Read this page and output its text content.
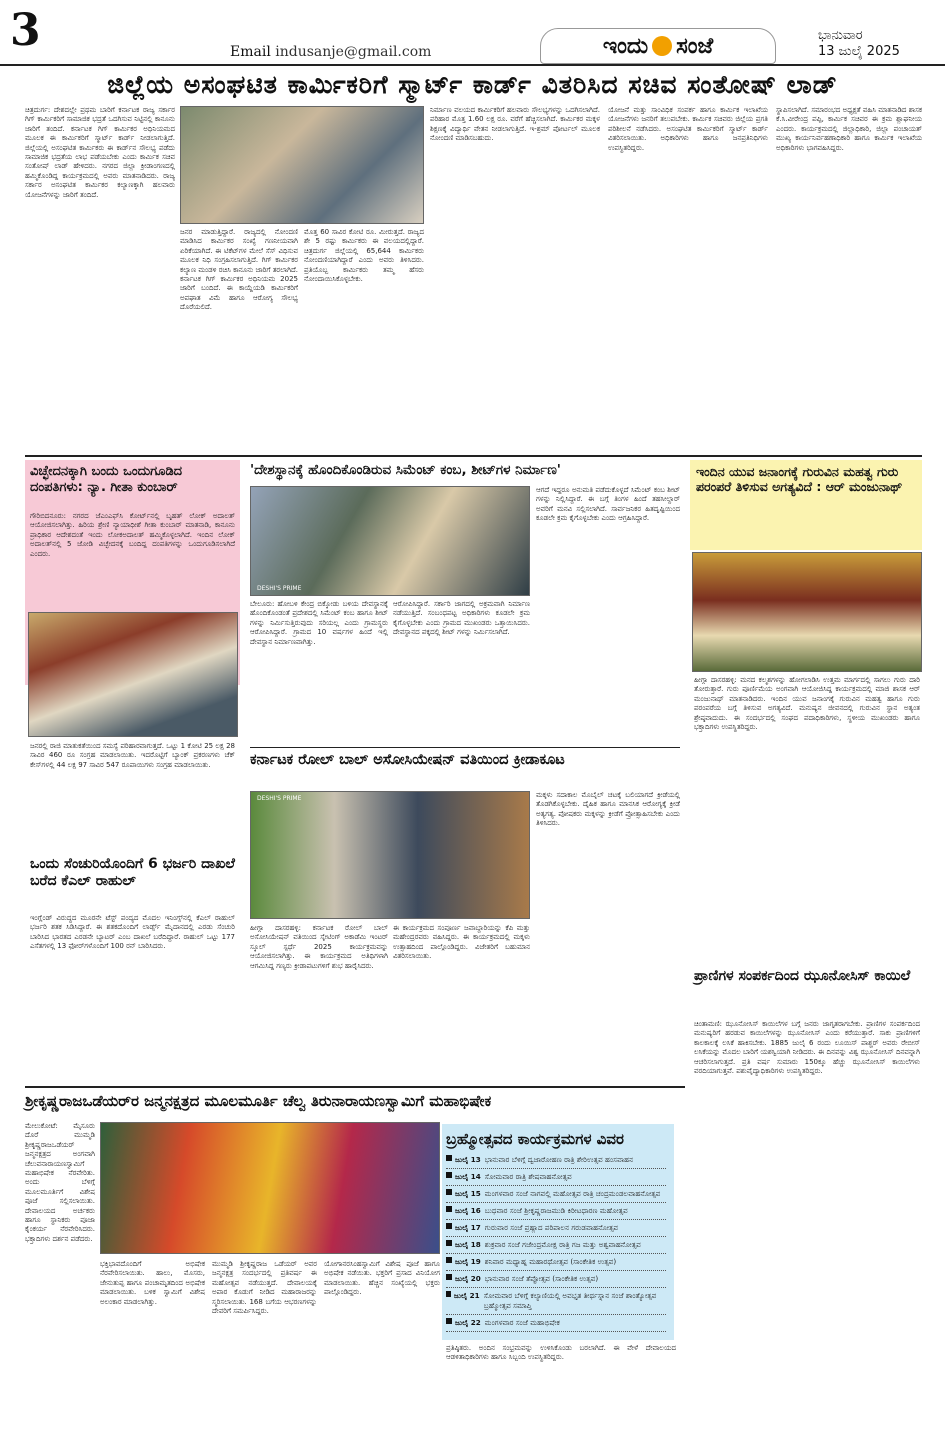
3	Email indusanje@gmail.com	ಇಂದು ಸಂಜೆ	ಭಾನುವಾರ
13 ಜುಲೈ 2025
ಜಿಲ್ಲೆಯ ಅಸಂಘಟಿತ ಕಾರ್ಮಿಕರಿಗೆ ಸ್ಮಾರ್ಟ್ ಕಾರ್ಡ್ ವಿತರಿಸಿದ ಸಚಿವ ಸಂತೋಷ್ ಲಾಡ್
ಚಿತ್ರದುರ್ಗ: ದೇಶದಲ್ಲೇ ಪ್ರಥಮ ಬಾರಿಗೆ ಕರ್ನಾಟಕ ರಾಜ್ಯ ಸರ್ಕಾರ ಗಿಗ್ ಕಾರ್ಮಿಕರಿಗೆ ಸಾಮಾಜಿಕ ಭದ್ರತೆ ಒದಗಿಸುವ ನಿಟ್ಟಿನಲ್ಲಿ ಕಾನೂನು ಜಾರಿಗೆ ತಂದಿದೆ. ಕರ್ನಾಟಕ ಗಿಗ್ ಕಾರ್ಮಿಕರ ಅಧಿನಿಯಮದ ಮೂಲಕ ಈ ಕಾರ್ಮಿಕರಿಗೆ ಸ್ಮಾರ್ಟ್ ಕಾರ್ಡ್ ನೀಡಲಾಗುತ್ತಿದೆ. ಜಿಲ್ಲೆಯಲ್ಲಿ ಅಸಂಘಟಿತ ಕಾರ್ಮಿಕರು ಈ ಕಾರ್ಡ್‌ನ ಸೌಲಭ್ಯ ಪಡೆದು ಸಾಮಾಜಿಕ ಭದ್ರತೆಯ ಲಾಭ ಪಡೆಯಬೇಕು ಎಂದು ಕಾರ್ಮಿಕ ಸಚಿವ ಸಂತೋಷ್ ಲಾಡ್ ಹೇಳಿದರು. ನಗರದ ಜಿಲ್ಲಾ ಕ್ರೀಡಾಂಗಣದಲ್ಲಿ ಹಮ್ಮಿಕೊಂಡಿದ್ದ ಕಾರ್ಯಕ್ರಮದಲ್ಲಿ ಅವರು ಮಾತನಾಡಿದರು. ರಾಜ್ಯ ಸರ್ಕಾರ ಅಸಂಘಟಿತ ಕಾರ್ಮಿಕರ ಕಲ್ಯಾಣಕ್ಕಾಗಿ ಹಲವಾರು ಯೋಜನೆಗಳನ್ನು ಜಾರಿಗೆ ತಂದಿದೆ.
ಜನರ ಮಾಡುತ್ತಿದ್ದಾರೆ. ರಾಜ್ಯದಲ್ಲಿ ನೋಂದಣಿ ಮಾಡಿಸಿದ ಕಾರ್ಮಿಕರ ಸಂಖ್ಯೆ ಗಣನೀಯವಾಗಿ ಏರಿಕೆಯಾಗಿದೆ. ಈ ಟಿಕೆಟ್‌ಗಳ ಮೇಲೆ ಸೆಸ್ ವಿಧಿಸುವ ಮೂಲಕ ನಿಧಿ ಸಂಗ್ರಹಿಸಲಾಗುತ್ತಿದೆ. ಗಿಗ್ ಕಾರ್ಮಿಕರ ಕಲ್ಯಾಣ ಮಂಡಳಿ ರಚಿಸಿ ಕಾನೂನು ಜಾರಿಗೆ ತರಲಾಗಿದೆ. ಕರ್ನಾಟಕ ಗಿಗ್ ಕಾರ್ಮಿಕರ ಅಧಿನಿಯಮ 2025 ಜಾರಿಗೆ ಬಂದಿದೆ. ಈ ಕಾಯ್ದೆಯಡಿ ಕಾರ್ಮಿಕರಿಗೆ ಅಪಘಾತ ವಿಮೆ ಹಾಗೂ ಆರೋಗ್ಯ ಸೌಲಭ್ಯ ದೊರೆಯಲಿದೆ.
ಮೊತ್ತ 60 ಸಾವಿರ ಕೋಟಿ ರೂ. ಮೀರುತ್ತದೆ. ರಾಜ್ಯದ ಶೇ 5 ರಷ್ಟು ಕಾರ್ಮಿಕರು ಈ ವಲಯದಲ್ಲಿದ್ದಾರೆ. ಚಿತ್ರದುರ್ಗ ಜಿಲ್ಲೆಯಲ್ಲಿ 65,644 ಕಾರ್ಮಿಕರು ನೋಂದಣಿಯಾಗಿದ್ದಾರೆ ಎಂದು ಅವರು ತಿಳಿಸಿದರು. ಪ್ರತಿಯೊಬ್ಬ ಕಾರ್ಮಿಕರು ತಮ್ಮ ಹೆಸರು ನೋಂದಾಯಿಸಿಕೊಳ್ಳಬೇಕು.
ನಿರ್ಮಾಣ ವಲಯದ ಕಾರ್ಮಿಕರಿಗೆ ಹಲವಾರು ಸೌಲಭ್ಯಗಳನ್ನು ಒದಗಿಸಲಾಗಿದೆ. ಪರಿಹಾರ ಮೊತ್ತ 1.60 ಲಕ್ಷ ರೂ. ವರೆಗೆ ಹೆಚ್ಚಿಸಲಾಗಿದೆ. ಕಾರ್ಮಿಕರ ಮಕ್ಕಳ ಶಿಕ್ಷಣಕ್ಕೆ ವಿದ್ಯಾರ್ಥಿ ವೇತನ ನೀಡಲಾಗುತ್ತಿದೆ. ಇ-ಶ್ರಮ್ ಪೋರ್ಟಲ್ ಮೂಲಕ ನೋಂದಣಿ ಮಾಡಿಸಬಹುದು.
ಯೋಜನೆ ಮತ್ತು ಸಾಂವಿಧಿಕ ಸಂಪರ್ಕ ಹಾಗೂ ಕಾರ್ಮಿಕ ಇಲಾಖೆಯ ಯೋಜನೆಗಳು ಜನರಿಗೆ ತಲುಪಬೇಕು. ಕಾರ್ಮಿಕ ಸಚಿವರು ಜಿಲ್ಲೆಯ ಪ್ರಗತಿ ಪರಿಶೀಲನೆ ನಡೆಸಿದರು. ಅಸಂಘಟಿತ ಕಾರ್ಮಿಕರಿಗೆ ಸ್ಮಾರ್ಟ್ ಕಾರ್ಡ್ ವಿತರಿಸಲಾಯಿತು. ಅಧಿಕಾರಿಗಳು ಹಾಗೂ ಜನಪ್ರತಿನಿಧಿಗಳು ಉಪಸ್ಥಿತರಿದ್ದರು.
ಸ್ಥಾಪಿಸಲಾಗಿದೆ. ಸಮಾರಂಭದ ಅಧ್ಯಕ್ಷತೆ ವಹಿಸಿ ಮಾತನಾಡಿದ ಶಾಸಕ ಕೆ.ಸಿ.ವೀರೇಂದ್ರ ಪಪ್ಪಿ, ಕಾರ್ಮಿಕ ಸಚಿವರ ಈ ಕ್ರಮ ಶ್ಲಾಘನೀಯ ಎಂದರು. ಕಾರ್ಯಕ್ರಮದಲ್ಲಿ ಜಿಲ್ಲಾಧಿಕಾರಿ, ಜಿಲ್ಲಾ ಪಂಚಾಯತ್ ಮುಖ್ಯ ಕಾರ್ಯನಿರ್ವಹಣಾಧಿಕಾರಿ ಹಾಗೂ ಕಾರ್ಮಿಕ ಇಲಾಖೆಯ ಅಧಿಕಾರಿಗಳು ಭಾಗವಹಿಸಿದ್ದರು.
ವಿಚ್ಛೇದನಕ್ಕಾಗಿ ಬಂದು ಒಂದುಗೂಡಿದ ದಂಪತಿಗಳು: ನ್ಯಾ. ಗೀತಾ ಕುಂಬಾರ್
ಗೌರಿಬಿದನೂರು: ನಗರದ ಜೆಎಂಎಫ್‌ಸಿ ಕೋರ್ಟ್‌ನಲ್ಲಿ ಬೃಹತ್ ಲೋಕ್ ಅದಾಲತ್ ಆಯೋಜಿಸಲಾಗಿತ್ತು. ಹಿರಿಯ ಶ್ರೇಣಿ ನ್ಯಾಯಾಧೀಶೆ ಗೀತಾ ಕುಂಬಾರ್ ಮಾತನಾಡಿ, ಕಾನೂನು ಪ್ರಾಧಿಕಾರ ಆದೇಶದಂತೆ ಇಂದು ಲೋಕಅದಾಲತ್ ಹಮ್ಮಿಕೊಳ್ಳಲಾಗಿದೆ. ಇಂದಿನ ಲೋಕ್ ಅದಾಲತ್‌ನಲ್ಲಿ 5 ಜೋಡಿ ವಿಚ್ಛೇದನಕ್ಕೆ ಬಂದಿದ್ದ ದಂಪತಿಗಳನ್ನು ಒಂದುಗೂಡಿಸಲಾಗಿದೆ ಎಂದರು.
ಜನರಲ್ಲಿ ರಾಜಿ ಮಾತುಕತೆಯಿಂದ ಸಮಸ್ಯೆ ಪರಿಹಾರವಾಗುತ್ತದೆ. ಒಟ್ಟು 1 ಕೋಟಿ 25 ಲಕ್ಷ 28 ಸಾವಿರ 460 ರೂ ಸಂಗ್ರಹ ಮಾಡಲಾಯಿತು. ಇದರೊಟ್ಟಿಗೆ ಬ್ಯಾಂಕ್ ಪ್ರಕರಣಗಳು ಚೆಕ್ ಕೇಸ್‌ಗಳಲ್ಲಿ 44 ಲಕ್ಷ 97 ಸಾವಿರ 547 ರೂಪಾಯಿಗಳು ಸಂಗ್ರಹ ಮಾಡಲಾಯಿತು.
ಒಂದು ಸೆಂಚುರಿಯೊಂದಿಗೆ 6 ಭರ್ಜರಿ ದಾಖಲೆ ಬರೆದ ಕೆಎಲ್ ರಾಹುಲ್
ಇಂಗ್ಲೆಂಡ್ ವಿರುದ್ಧದ ಮೂರನೇ ಟೆಸ್ಟ್ ಪಂದ್ಯದ ಮೊದಲ ಇನಿಂಗ್ಸ್‌ನಲ್ಲಿ ಕೆಎಲ್ ರಾಹುಲ್ ಭರ್ಜರಿ ಶತಕ ಸಿಡಿಸಿದ್ದಾರೆ. ಈ ಶತಕದೊಂದಿಗೆ ಲಾರ್ಡ್ಸ್ ಮೈದಾನದಲ್ಲಿ ಎರಡು ಸೆಂಚುರಿ ಬಾರಿಸಿದ ಭಾರತದ ಎರಡನೇ ಬ್ಯಾಟರ್ ಎಂಬ ದಾಖಲೆ ಬರೆದಿದ್ದಾರೆ. ರಾಹುಲ್ ಒಟ್ಟು 177 ಎಸೆತಗಳಲ್ಲಿ 13 ಫೋರ್‌ಗಳೊಂದಿಗೆ 100 ರನ್ ಬಾರಿಸಿದರು.
'ದೇಶಸ್ಥಾನಕ್ಕೆ ಹೊಂದಿಕೊಂಡಿರುವ ಸಿಮೆಂಟ್ ಕಂಬ, ಶೀಟ್‌ಗಳ ನಿರ್ಮಾಣ'
DESHI'S PRIME
ಆಗದೆ ಇದ್ದರೂ ಅನುಮತಿ ಪಡೆದುಕೊಳ್ಳದೆ ಸಿಮೆಂಟ್ ಕಂಬ ಶೀಟ್ ಗಳನ್ನು ನಿಲ್ಲಿಸಿದ್ದಾರೆ. ಈ ಬಗ್ಗೆ ತಿಂಗಳ ಹಿಂದೆ ತಹಸೀಲ್ದಾರ್ ಅವರಿಗೆ ಮನವಿ ಸಲ್ಲಿಸಲಾಗಿದೆ. ಸಾರ್ವಜನಿಕರ ಹಿತದೃಷ್ಟಿಯಿಂದ ಕೂಡಲೇ ಕ್ರಮ ಕೈಗೊಳ್ಳಬೇಕು ಎಂದು ಆಗ್ರಹಿಸಿದ್ದಾರೆ.
ಬೇಲೂರು: ಹೋಬಳಿ ಕೇಂದ್ರ ಬಿಕ್ಕೋಡು ಬಳಿಯ ದೇವಸ್ಥಾನಕ್ಕೆ ಹೊಂದಿಕೊಂಡಂತೆ ಪ್ರದೇಶದಲ್ಲಿ ಸಿಮೆಂಟ್ ಕಂಬ ಹಾಗೂ ಶೀಟ್ ಗಳನ್ನು ನಿರ್ಮಿಸುತ್ತಿರುವುದು ಸರಿಯಲ್ಲ ಎಂದು ಗ್ರಾಮಸ್ಥರು ಆರೋಪಿಸಿದ್ದಾರೆ. ಗ್ರಾಮದ 10 ವರ್ಷಗಳ ಹಿಂದೆ ಇಲ್ಲಿ ದೇವಸ್ಥಾನ ನಿರ್ಮಾಣವಾಗಿತ್ತು.
ಆರೋಪಿಸಿದ್ದಾರೆ. ಸರ್ಕಾರಿ ಜಾಗದಲ್ಲಿ ಅಕ್ರಮವಾಗಿ ನಿರ್ಮಾಣ ನಡೆಯುತ್ತಿದೆ. ಸಂಬಂಧಪಟ್ಟ ಅಧಿಕಾರಿಗಳು ಕೂಡಲೇ ಕ್ರಮ ಕೈಗೊಳ್ಳಬೇಕು ಎಂದು ಗ್ರಾಮದ ಮುಖಂಡರು ಒತ್ತಾಯಿಸಿದರು. ದೇವಸ್ಥಾನದ ಪಕ್ಕದಲ್ಲಿ ಶೀಟ್ ಗಳನ್ನು ನಿರ್ಮಿಸಲಾಗಿದೆ.
ಕರ್ನಾಟಕ ರೋಲ್ ಬಾಲ್ ಅಸೋಸಿಯೇಷನ್ ವತಿಯಿಂದ ಕ್ರೀಡಾಕೂಟ
DESHI'S PRIME	ಮಕ್ಕಳು ಸದಾಕಾಲ ಮೊಬೈಲ್ ಚಟಕ್ಕೆ ಬಲಿಯಾಗದೆ ಕ್ರೀಡೆಯಲ್ಲಿ ತೊಡಗಿಕೊಳ್ಳಬೇಕು. ದೈಹಿಕ ಹಾಗೂ ಮಾನಸಿಕ ಆರೋಗ್ಯಕ್ಕೆ ಕ್ರೀಡೆ ಅತ್ಯಗತ್ಯ. ಪೋಷಕರು ಮಕ್ಕಳನ್ನು ಕ್ರೀಡೆಗೆ ಪ್ರೋತ್ಸಾಹಿಸಬೇಕು ಎಂದು ತಿಳಿಸಿದರು.
ಹೀಗ್ಗಾ ದಾಸರಹಳ್ಳಿ: ಕರ್ನಾಟಕ ರೋಲ್ ಬಾಲ್ ಅಸೋಸಿಯೇಷನ್ ವತಿಯಿಂದ ಸ್ಕೇಟಿಂಗ್ ಅಕಾಡೆಮಿ ಇಂಟರ್ ಸ್ಕೂಲ್ ಸ್ಪರ್ಧೆ 2025 ಕಾರ್ಯಕ್ರಮವನ್ನು ಆಯೋಜಿಸಲಾಗಿತ್ತು. ಈ ಕಾರ್ಯಕ್ರಮದ ಅತಿಥಿಗಳಾಗಿ ಆಗಮಿಸಿದ್ದ ಗಣ್ಯರು ಕ್ರೀಡಾಪಟುಗಳಿಗೆ ಶುಭ ಹಾರೈಸಿದರು.
ಈ ಕಾರ್ಯಕ್ರಮದ ಸಂಪೂರ್ಣ ಜವಾಬ್ದಾರಿಯನ್ನು ಕೆಪಿ ಮತ್ತು ಮಹೇಂದ್ರರವರು ವಹಿಸಿದ್ದರು. ಈ ಕಾರ್ಯಕ್ರಮದಲ್ಲಿ ಮಕ್ಕಳು ಉತ್ಸಾಹದಿಂದ ಪಾಲ್ಗೊಂಡಿದ್ದರು. ವಿಜೇತರಿಗೆ ಬಹುಮಾನ ವಿತರಿಸಲಾಯಿತು.
ಇಂದಿನ ಯುವ ಜನಾಂಗಕ್ಕೆ ಗುರುವಿನ ಮಹತ್ವ ಗುರು ಪರಂಪರೆ ತಿಳಿಸುವ ಅಗತ್ಯವಿದೆ : ಆರ್ ಮಂಜುನಾಥ್
ಹೀಗ್ಗಾ ದಾಸರಹಳ್ಳಿ: ಮನದ ಕಲ್ಮಶಗಳನ್ನು ಹೋಗಲಾಡಿಸಿ ಉತ್ತಮ ಮಾರ್ಗದಲ್ಲಿ ಸಾಗಲು ಗುರು ದಾರಿ ತೋರುತ್ತಾರೆ. ಗುರು ಪೂರ್ಣಿಮೆಯ ಅಂಗವಾಗಿ ಆಯೋಜಿಸಿದ್ದ ಕಾರ್ಯಕ್ರಮದಲ್ಲಿ ಮಾಜಿ ಶಾಸಕ ಆರ್ ಮಂಜುನಾಥ್ ಮಾತನಾಡಿದರು. ಇಂದಿನ ಯುವ ಜನಾಂಗಕ್ಕೆ ಗುರುವಿನ ಮಹತ್ವ ಹಾಗೂ ಗುರು ಪರಂಪರೆಯ ಬಗ್ಗೆ ತಿಳಿಸುವ ಅಗತ್ಯವಿದೆ. ಮನುಷ್ಯನ ಜೀವನದಲ್ಲಿ ಗುರುವಿನ ಸ್ಥಾನ ಅತ್ಯಂತ ಶ್ರೇಷ್ಠವಾದುದು. ಈ ಸಂದರ್ಭದಲ್ಲಿ ಸಂಘದ ಪದಾಧಿಕಾರಿಗಳು, ಸ್ಥಳೀಯ ಮುಖಂಡರು ಹಾಗೂ ಭಕ್ತಾದಿಗಳು ಉಪಸ್ಥಿತರಿದ್ದರು.
ಪ್ರಾಣಿಗಳ ಸಂಪರ್ಕದಿಂದ ಝೂನೋಸಿಸ್ ಕಾಯಿಲೆ
ಚಿಂತಾಮಣಿ: ಝೂನೋಸಿಸ್ ಕಾಯಿಲೆಗಳ ಬಗ್ಗೆ ಜನರು ಜಾಗೃತರಾಗಬೇಕು. ಪ್ರಾಣಿಗಳ ಸಂಪರ್ಕದಿಂದ ಮನುಷ್ಯರಿಗೆ ಹರಡುವ ಕಾಯಿಲೆಗಳನ್ನು ಝೂನೋಸಿಸ್ ಎಂದು ಕರೆಯುತ್ತಾರೆ. ಸಾಕು ಪ್ರಾಣಿಗಳಿಗೆ ಕಾಲಕಾಲಕ್ಕೆ ಲಸಿಕೆ ಹಾಕಿಸಬೇಕು. 1885 ಜುಲೈ 6 ರಂದು ಲೂಯಿಸ್ ಪಾಶ್ಚರ್ ಅವರು ರೇಬೀಸ್ ಲಸಿಕೆಯನ್ನು ಮೊದಲ ಬಾರಿಗೆ ಯಶಸ್ವಿಯಾಗಿ ನೀಡಿದರು. ಈ ದಿನವನ್ನು ವಿಶ್ವ ಝೂನೋಸಿಸ್ ದಿನವನ್ನಾಗಿ ಆಚರಿಸಲಾಗುತ್ತದೆ. ಪ್ರತಿ ವರ್ಷ ಸುಮಾರು 150ಕ್ಕೂ ಹೆಚ್ಚು ಝೂನೋಸಿಸ್ ಕಾಯಿಲೆಗಳು ವರದಿಯಾಗುತ್ತವೆ. ಪಶುವೈದ್ಯಾಧಿಕಾರಿಗಳು ಉಪಸ್ಥಿತರಿದ್ದರು.
ಶ್ರೀಕೃಷ್ಣರಾಜಒಡೆಯರ್‌ರ ಜನ್ಮನಕ್ಷತ್ರದ ಮೂಲಮೂರ್ತಿ ಚೆಲ್ವ ತಿರುನಾರಾಯಣಸ್ವಾಮಿಗೆ ಮಹಾಭಿಷೇಕ
ಮೇಲುಕೋಟೆ: ಮೈಸೂರು ದೊರೆ ಮುಮ್ಮಡಿ ಶ್ರೀಕೃಷ್ಣರಾಜಒಡೆಯರ್ ಜನ್ಮನಕ್ಷತ್ರದ ಅಂಗವಾಗಿ ಚೆಲುವನಾರಾಯಣಸ್ವಾಮಿಗೆ ಮಹಾಭಿಷೇಕ ನೆರವೇರಿತು. ಅಂದು ಬೆಳಿಗ್ಗೆ ಮೂಲಮೂರ್ತಿಗೆ ವಿಶೇಷ ಪೂಜೆ ಸಲ್ಲಿಸಲಾಯಿತು. ದೇವಾಲಯದ ಅರ್ಚಕರು ಹಾಗೂ ಸ್ಥಾನಿಕರು ಪೂಜಾ ಕೈಂಕರ್ಯ ನೆರವೇರಿಸಿದರು. ಭಕ್ತಾದಿಗಳು ದರ್ಶನ ಪಡೆದರು.
ಭಕ್ತಿಭಾವದೊಂದಿಗೆ ಅಭಿಷೇಕ ನೆರವೇರಿಸಲಾಯಿತು. ಹಾಲು, ಮೊಸರು, ಜೇನುತುಪ್ಪ ಹಾಗೂ ಪಂಚಾಮೃತದಿಂದ ಅಭಿಷೇಕ ಮಾಡಲಾಯಿತು. ಬಳಿಕ ಸ್ವಾಮಿಗೆ ವಿಶೇಷ ಅಲಂಕಾರ ಮಾಡಲಾಗಿತ್ತು.
ಮುಮ್ಮಡಿ ಶ್ರೀಕೃಷ್ಣರಾಜ ಒಡೆಯರ್ ಅವರ ಜನ್ಮನಕ್ಷತ್ರ ಸಂದರ್ಭದಲ್ಲಿ ಪ್ರತಿವರ್ಷ ಈ ಮಹೋತ್ಸವ ನಡೆಯುತ್ತದೆ. ದೇವಾಲಯಕ್ಕೆ ಅಪಾರ ಕೊಡುಗೆ ನೀಡಿದ ಮಹಾರಾಜರನ್ನು ಸ್ಮರಿಸಲಾಯಿತು. 168 ಬಗೆಯ ಆಭರಣಗಳನ್ನು ದೇವರಿಗೆ ಸಮರ್ಪಿಸಿದ್ದರು.
ಯೋಗಾನರಸಿಂಹಸ್ವಾಮಿಗೆ ವಿಶೇಷ ಪೂಜೆ ಹಾಗೂ ಅಭಿಷೇಕ ನಡೆಯಿತು. ಭಕ್ತರಿಗೆ ಪ್ರಸಾದ ವಿನಿಯೋಗ ಮಾಡಲಾಯಿತು. ಹೆಚ್ಚಿನ ಸಂಖ್ಯೆಯಲ್ಲಿ ಭಕ್ತರು ಪಾಲ್ಗೊಂಡಿದ್ದರು.
ಬ್ರಹ್ಮೋತ್ಸವದ ಕಾರ್ಯಕ್ರಮಗಳ ವಿವರ
ಜುಲೈ 13 ಭಾನುವಾರ ಬೆಳಿಗ್ಗೆ ದ್ವಜಾರೋಹಣ ರಾತ್ರಿ ಶೇರಿಉತ್ಸವ ಹಂಸವಾಹನ
ಜುಲೈ 14 ಸೋಮವಾರ ರಾತ್ರಿ ಶೇಷವಾಹನೋತ್ಸವ
ಜುಲೈ 15 ಮಂಗಳವಾರ ಸಂಜೆ ನಾಗವಲ್ಲಿ ಮಹೋತ್ಸವ ರಾತ್ರಿ ಚಂದ್ರಮಂಡಲವಾಹನೋತ್ಸವ
ಜುಲೈ 16 ಬುಧವಾರ ಸಂಜೆ ಶ್ರೀಕೃಷ್ಣರಾಜಮುಡಿ ಕಿರೀಟಧಾರಣ ಮಹೋತ್ಸವ
ಜುಲೈ 17 ಗುರುವಾರ ಸಂಜೆ ಪ್ರಹ್ಲಾದ ಪರಿಪಾಲನ ಗರುಡವಾಹನೋತ್ಸವ
ಜುಲೈ 18 ಶುಕ್ರವಾರ ಸಂಜೆ ಗಜೇಂದ್ರಮೋಕ್ಷ ರಾತ್ರಿ ಗಜ ಮತ್ತು ಅಶ್ವವಾಹನೋತ್ಸವ
ಜುಲೈ 19 ಶನಿವಾರ ಮಧ್ಯಾಹ್ನ ಮಹಾರಥೋತ್ಸವ (ಸಾಂಕೇತಿಕ ಉತ್ಸವ)
ಜುಲೈ 20 ಭಾನುವಾರ ಸಂಜೆ ತೆಪ್ಪೋತ್ಸವ (ಸಾಂಕೇತಿಕ ಉತ್ಸವ)
ಜುಲೈ 21 ಸೋಮವಾರ ಬೆಳಿಗ್ಗೆ ಕಲ್ಯಾಣಿಯಲ್ಲಿ ಅವಭೃತ ತೀರ್ಥಸ್ನಾನ ಸಂಜೆ ಶಾಂತ್ಯೋತ್ಸವ ಬ್ರಹ್ಮೋತ್ಸವ ಸಮಾಪ್ತಿ
ಜುಲೈ 22 ಮಂಗಳವಾರ ಸಂಜೆ ಮಹಾಭಿಷೇಕ
ಪ್ರತಿಷ್ಠಿತರು. ಅಂದಿನ ಸಂಭ್ರಮವನ್ನು ಉಳಿಸಿಕೊಂಡು ಬರಲಾಗಿದೆ. ಈ ವೇಳೆ ದೇವಾಲಯದ ಆಡಳಿತಾಧಿಕಾರಿಗಳು ಹಾಗೂ ಸಿಬ್ಬಂದಿ ಉಪಸ್ಥಿತರಿದ್ದರು.
